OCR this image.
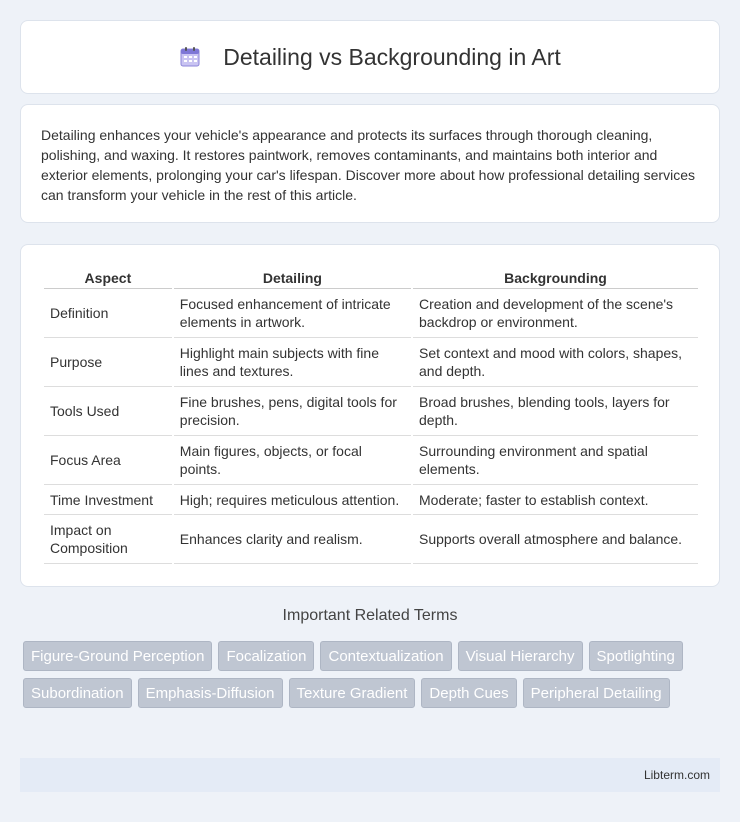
Detailing vs Backgrounding in Art

Detailing enhances your vehicle's appearance and protects its surfaces through thorough cleaning, polishing, and waxing. It restores paintwork, removes contaminants, and maintains both interior and exterior elements, prolonging your car's lifespan. Discover more about how professional detailing services can transform your vehicle in the rest of this article.

Aspect	Detailing	Backgrounding
Definition	Focused enhancement of intricate elements in artwork.	Creation and development of the scene's backdrop or environment.
Purpose	Highlight main subjects with fine lines and textures.	Set context and mood with colors, shapes, and depth.
Tools Used	Fine brushes, pens, digital tools for precision.	Broad brushes, blending tools, layers for depth.
Focus Area	Main figures, objects, or focal points.	Surrounding environment and spatial elements.
Time Investment	High; requires meticulous attention.	Moderate; faster to establish context.
Impact on Composition	Enhances clarity and realism.	Supports overall atmosphere and balance.
Important Related Terms
Figure-Ground Perception	Focalization	Contextualization	Visual Hierarchy	Spotlighting
Subordination	Emphasis-Diffusion	Texture Gradient	Depth Cues	Peripheral Detailing
Libterm.com
